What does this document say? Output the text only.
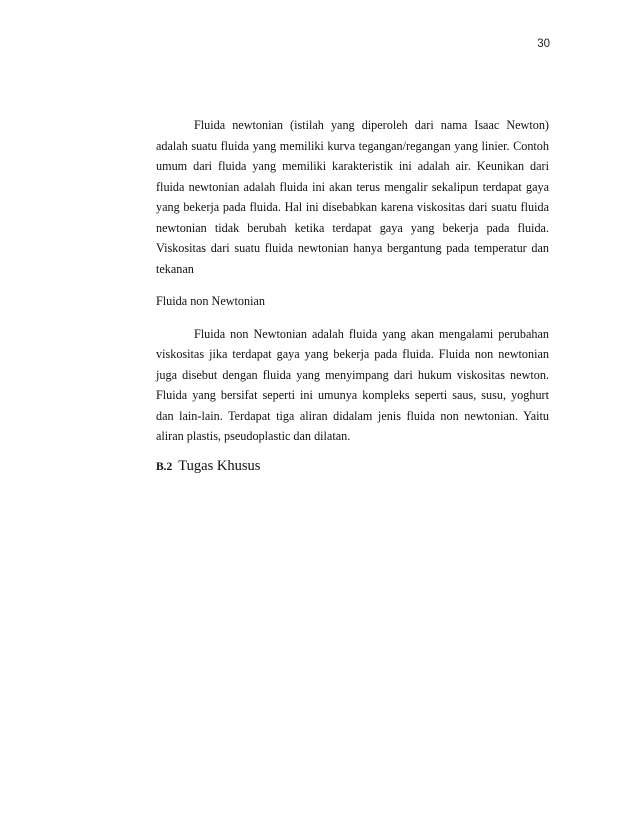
30

Fluida newtonian (istilah yang diperoleh dari nama Isaac Newton) adalah suatu fluida yang memiliki kurva tegangan/regangan yang linier. Contoh umum dari fluida yang memiliki karakteristik ini adalah air. Keunikan dari fluida newtonian adalah fluida ini akan terus mengalir sekalipun terdapat gaya yang bekerja pada fluida. Hal ini disebabkan karena viskositas dari suatu fluida newtonian tidak berubah ketika terdapat gaya yang bekerja pada fluida. Viskositas dari suatu fluida newtonian hanya bergantung pada temperatur dan tekanan

Fluida non Newtonian

Fluida non Newtonian adalah fluida yang akan mengalami perubahan viskositas jika terdapat gaya yang bekerja pada fluida. Fluida non newtonian juga disebut dengan fluida yang menyimpang dari hukum viskositas newton. Fluida yang bersifat seperti ini umunya kompleks seperti saus, susu, yoghurt dan lain-lain. Terdapat tiga aliran didalam jenis fluida non newtonian. Yaitu aliran plastis, pseudoplastic dan dilatan.

B.2 Tugas Khusus
